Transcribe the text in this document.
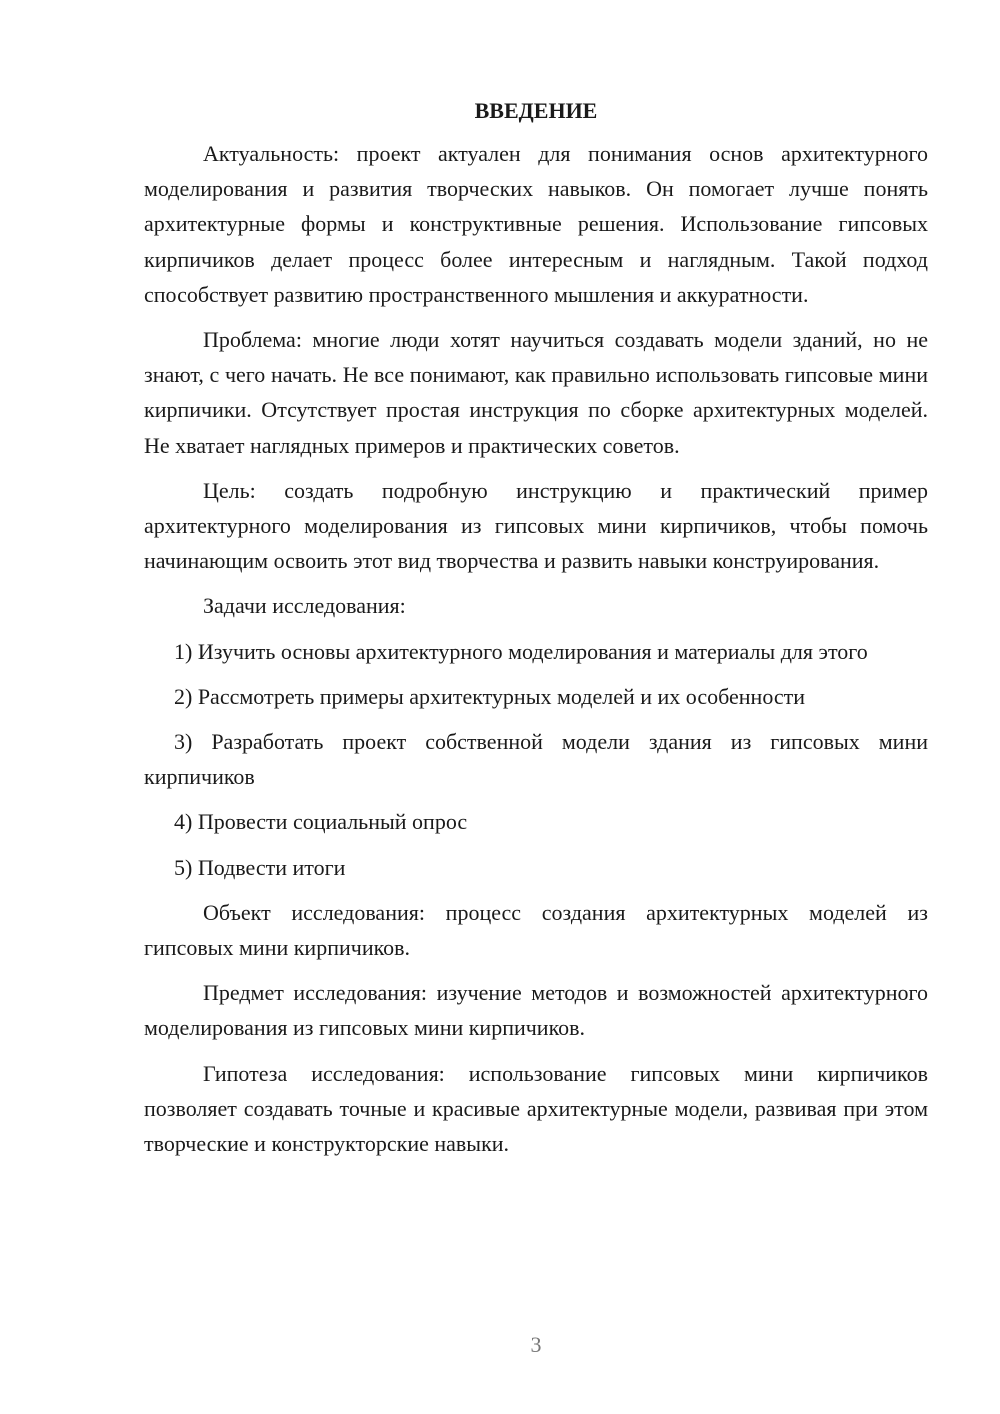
ВВЕДЕНИЕ

Актуальность: проект актуален для понимания основ архитектурного моделирования и развития творческих навыков. Он помогает лучше понять архитектурные формы и конструктивные решения. Использование гипсовых кирпичиков делает процесс более интересным и наглядным. Такой подход способствует развитию пространственного мышления и аккуратности.

Проблема: многие люди хотят научиться создавать модели зданий, но не знают, с чего начать. Не все понимают, как правильно использовать гипсовые мини кирпичики. Отсутствует простая инструкция по сборке архитектурных моделей. Не хватает наглядных примеров и практических советов.

Цель: создать подробную инструкцию и практический пример архитектурного моделирования из гипсовых мини кирпичиков, чтобы помочь начинающим освоить этот вид творчества и развить навыки конструирования.

Задачи исследования:

1) Изучить основы архитектурного моделирования и материалы для этого

2) Рассмотреть примеры архитектурных моделей и их особенности

3) Разработать проект собственной модели здания из гипсовых мини кирпичиков

4) Провести социальный опрос

5) Подвести итоги

Объект исследования: процесс создания архитектурных моделей из гипсовых мини кирпичиков.

Предмет исследования: изучение методов и возможностей архитектурного моделирования из гипсовых мини кирпичиков.

Гипотеза исследования: использование гипсовых мини кирпичиков позволяет создавать точные и красивые архитектурные модели, развивая при этом творческие и конструкторские навыки.

3
